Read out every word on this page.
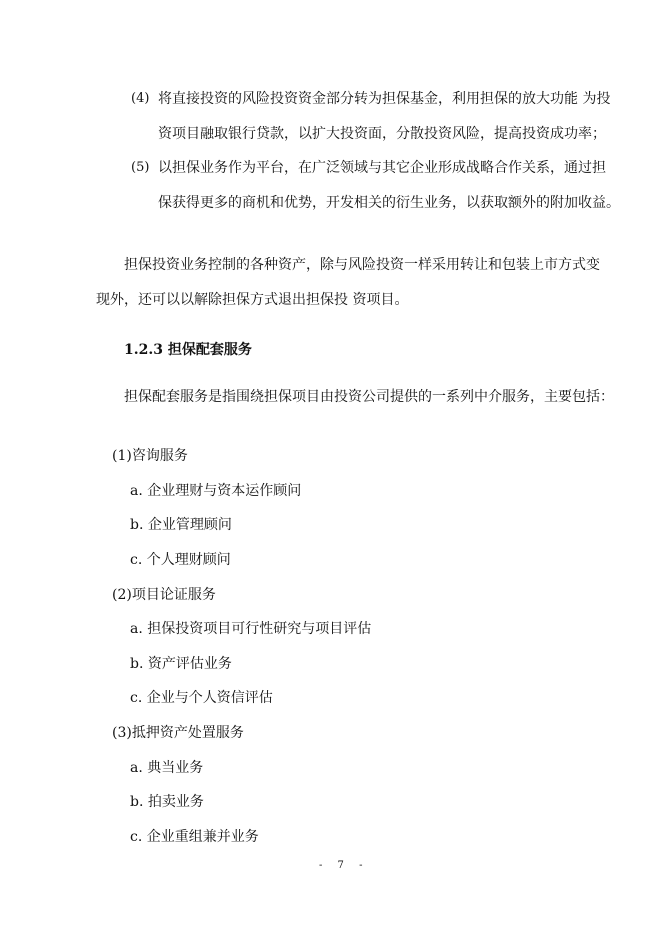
(4) 将直接投资的风险投资资金部分转为担保基金，利用担保的放大功能 为投
资项目融取银行贷款，以扩大投资面，分散投资风险，提高投资成功率；
(5) 以担保业务作为平台，在广泛领域与其它企业形成战略合作关系，通过担
保获得更多的商机和优势，开发相关的衍生业务，以获取额外的附加收益。
担保投资业务控制的各种资产，除与风险投资一样采用转让和包装上市方式变
现外，还可以以解除担保方式退出担保投 资项目。
1.2.3 担保配套服务
担保配套服务是指围绕担保项目由投资公司提供的一系列中介服务，主要包括：
(1)咨询服务
a. 企业理财与资本运作顾问
b. 企业管理顾问
c. 个人理财顾问
(2)项目论证服务
a. 担保投资项目可行性研究与项目评估
b. 资产评估业务
c. 企业与个人资信评估
(3)抵押资产处置服务
a. 典当业务
b. 拍卖业务
c. 企业重组兼并业务
- 7 -
